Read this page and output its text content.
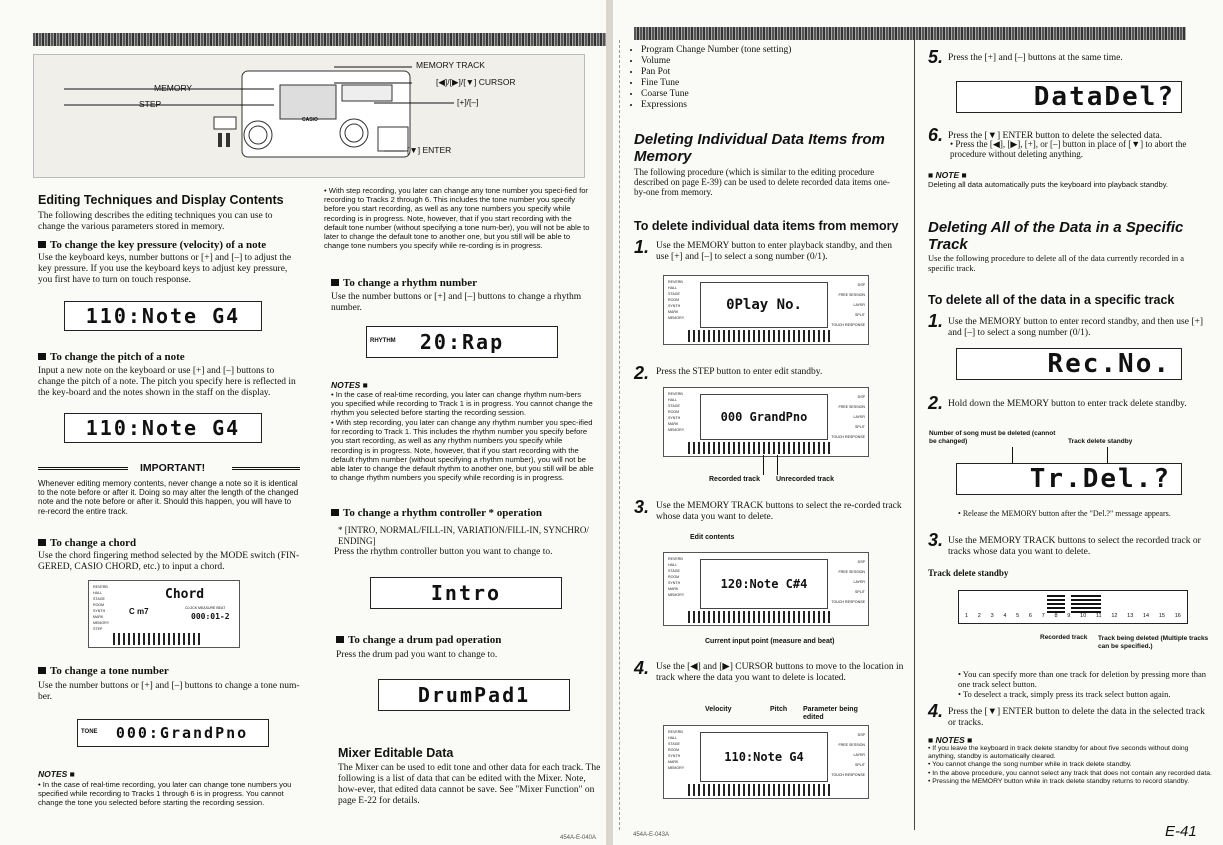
MEMORY TRACK
[◀]/[▶]/[▼] CURSOR
MEMORY
STEP	[+]/[–]
[▼] ENTER
CASIO
Editing Techniques and Display Contents
The following describes the editing techniques you can use to change the various parameters stored in memory.
To change the key pressure (velocity) of a note
Use the keyboard keys, number buttons or [+] and [–] to adjust the key pressure. If you use the keyboard keys to adjust key pressure, you first have to turn on touch response.
110:Note G4
To change the pitch of a note
Input a new note on the keyboard or use [+] and [–] buttons to change the pitch of a note. The pitch you specify here is reflected in the key-board and the notes shown in the staff on the display.
110:Note G4
IMPORTANT!
Whenever editing memory contents, never change a note so it is identical to the note before or after it. Doing so may alter the length of the changed note and the note before or after it. Should this happen, you will have to re-record the entire track.
To change a chord
Use the chord fingering method selected by the MODE switch (FIN-GERED, CASIO CHORD, etc.) to input a chord.
REVERB
HALL
STAGE
ROOM
SYNTH
MARK
MEMORY
STEP
C m7
Chord
CLOCK MEASURE BEAT
000:01-2
To change a tone number
Use the number buttons or [+] and [–] buttons to change a tone num-ber.
TONE 000:GrandPno
NOTES ■
• In the case of real-time recording, you later can change tone numbers you specified while recording to Tracks 1 through 6 is in progress. You cannot change the tone you selected before starting the recording session.
454A-E-040A
• With step recording, you later can change any tone number you speci-fied for recording to Tracks 2 through 6. This includes the tone number you specify before you start recording, as well as any tone numbers you specify while recording is in progress. Note, however, that if you start recording with the default tone number (without specifying a tone num-ber), you will not be able to later to change the default tone to another one, but you still will be able to change tone numbers you specify while re-cording is in progress.
To change a rhythm number
Use the number buttons or [+] and [–] buttons to change a rhythm number.
RHYTHM 20:Rap
NOTES ■
• In the case of real-time recording, you later can change rhythm num-bers you specified while recording to Track 1 is in progress. You cannot change the rhythm you selected before starting the recording session.
• With step recording, you later can change any rhythm number you spec-ified for recording to Track 1. This includes the rhythm number you specify before you start recording, as well as any rhythm numbers you specify while recording is in progress. Note, however, that if you start recording with the default rhythm number (without specifying a rhythm number), you will not be able later to change the default rhythm to another one, but you still will be able to change rhythm numbers you specify while recording is in progress.
To change a rhythm controller * operation
* [INTRO, NORMAL/FILL-IN, VARIATION/FILL-IN, SYNCHRO/ ENDING]
Press the rhythm controller button you want to change to.
Intro
To change a drum pad operation
Press the drum pad you want to change to.
DrumPad1
Mixer Editable Data
The Mixer can be used to edit tone and other data for each track. The following is a list of data that can be edited with the Mixer. Note, how-ever, that edited data cannot be save. See "Mixer Function" on page E-22 for details.
• Program Change Number (tone setting)
• Volume
• Pan Pot
• Fine Tune
• Coarse Tune
• Expressions
Deleting Individual Data Items from Memory
The following procedure (which is similar to the editing procedure described on page E-39) can be used to delete recorded data items one-by-one from memory.
To delete individual data items from memory
1. Use the MEMORY button to enter playback standby, and then use [+] and [–] to select a song number (0/1).
REVERB
HALL
STAGE
ROOM
SYNTH
MARK
MEMORY
0Play No.
DSP
FREE SESSION
LAYER
SPLIT
TOUCH RESPONSE
2. Press the STEP button to enter edit standby.
REVERB
HALL
STAGE
ROOM
SYNTH
MARK
MEMORY
000 GrandPno
DSP
FREE SESSION
LAYER
SPLIT
TOUCH RESPONSE
Recorded track Unrecorded track
3. Use the MEMORY TRACK buttons to select the re-corded track whose data you want to delete.
Edit contents
REVERB
HALL
STAGE
ROOM
SYNTH
MARK
MEMORY
120:Note C#4
DSP
FREE SESSION
LAYER
SPLIT
TOUCH RESPONSE
Current input point (measure and beat)
4. Use the [◀] and [▶] CURSOR buttons to move to the location in track where the data you want to delete is located.
Velocity	Pitch Parameter being edited
REVERB
HALL
STAGE
ROOM
SYNTH
MARK
MEMORY
110:Note G4
DSP
FREE SESSION
LAYER
SPLIT
TOUCH RESPONSE
454A-E-043A
5. Press the [+] and [–] buttons at the same time.
DataDel?
6. Press the [▼] ENTER button to delete the selected data.
• Press the [◀], [▶], [+], or [–] button in place of [▼] to abort the procedure without deleting anything.
■ NOTE ■
Deleting all data automatically puts the keyboard into playback standby.
Deleting All of the Data in a Specific Track
Use the following procedure to delete all of the data currently recorded in a specific track.
To delete all of the data in a specific track
1. Use the MEMORY button to enter record standby, and then use [+] and [–] to select a song number (0/1).
Rec.No.
2. Hold down the MEMORY button to enter track delete standby.
Number of song must be deleted (cannot be changed)	Track delete standby
Tr.Del.?
• Release the MEMORY button after the "Del.?" message appears.
3. Use the MEMORY TRACK buttons to select the recorded track or tracks whose data you want to delete.
Track delete standby
1 2 3 4 5 6 7 8 9 10 11 12 13 14 15 16
Recorded track Track being deleted (Multiple tracks can be specified.)
• You can specify more than one track for deletion by pressing more than one track select button.
• To deselect a track, simply press its track select button again.
4. Press the [▼] ENTER button to delete the data in the selected track or tracks.
■ NOTES ■
• If you leave the keyboard in track delete standby for about five seconds without doing anything, standby is automatically cleared.
• You cannot change the song number while in track delete standby.
• In the above procedure, you cannot select any track that does not contain any recorded data.
• Pressing the MEMORY button while in track delete standby returns to record standby.
E-41
